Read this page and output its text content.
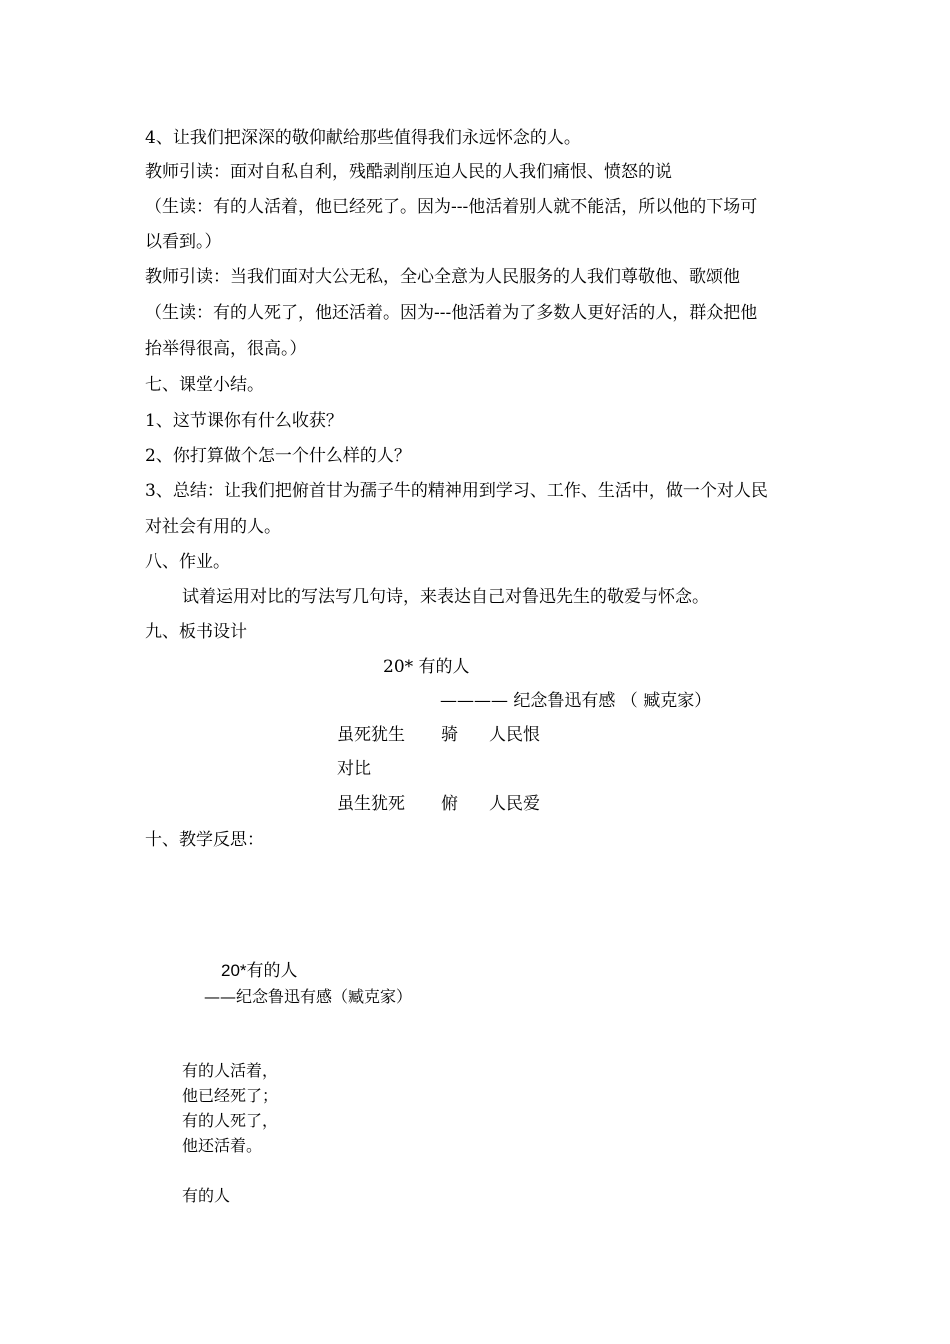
4、让我们把深深的敬仰献给那些值得我们永远怀念的人。
教师引读：面对自私自利，残酷剥削压迫人民的人我们痛恨、愤怒的说
（生读：有的人活着，他已经死了。因为---他活着别人就不能活，所以他的下场可
以看到。）
教师引读：当我们面对大公无私，全心全意为人民服务的人我们尊敬他、歌颂他
（生读：有的人死了，他还活着。因为---他活着为了多数人更好活的人，群众把他
抬举得很高，很高。）
七、课堂小结。
1、这节课你有什么收获？
2、你打算做个怎一个什么样的人？
3、总结：让我们把俯首甘为孺子牛的精神用到学习、工作、生活中，做一个对人民
对社会有用的人。
八、作业。
试着运用对比的写法写几句诗，来表达自己对鲁迅先生的敬爱与怀念。
九、板书设计
20* 有的人
———— 纪念鲁迅有感 （ 臧克家）
虽死犹生 骑 人民恨
对比
虽生犹死 俯 人民爱
十、教学反思：
20*有的人
——纪念鲁迅有感（臧克家）
有的人活着，
他已经死了；
有的人死了，
他还活着。
有的人
